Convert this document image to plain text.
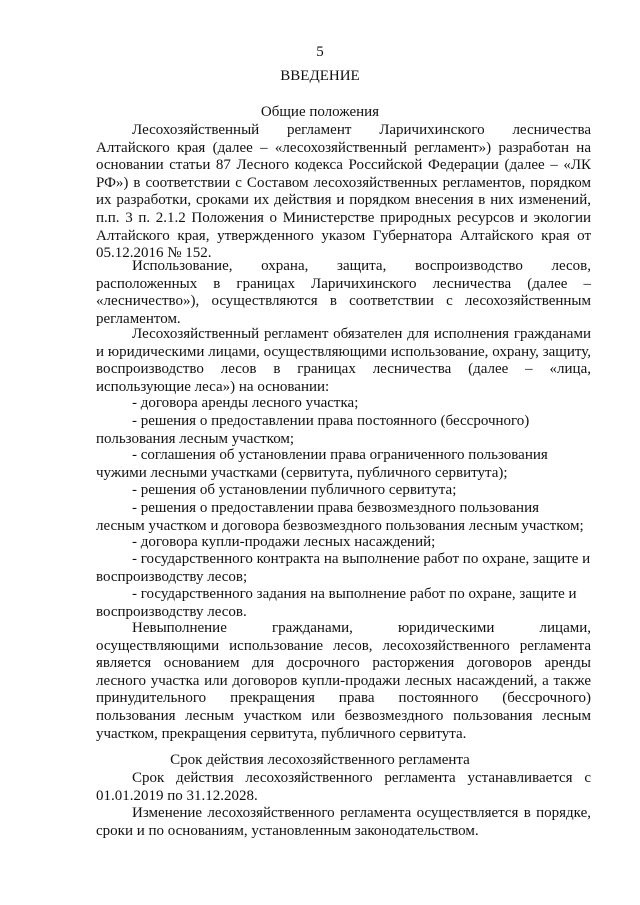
5
ВВЕДЕНИЕ
Общие положения

Лесохозяйственный регламент Ларичихинского лесничества Алтайского края (далее – «лесохозяйственный регламент») разработан на основании статьи 87 Лесного кодекса Российской Федерации (далее – «ЛК РФ») в соответствии с Составом лесохозяйственных регламентов, порядком их разработки, сроками их действия и порядком внесения в них изменений, п.п. 3 п. 2.1.2 Положения о Министерстве природных ресурсов и экологии Алтайского края, утвержденного указом Губернатора Алтайского края от 05.12.2016 № 152.

Использование, охрана, защита, воспроизводство лесов, расположенных в границах Ларичихинского лесничества (далее – «лесничество»), осуществляются в соответствии с лесохозяйственным регламентом.

Лесохозяйственный регламент обязателен для исполнения гражданами и юридическими лицами, осуществляющими использование, охрану, защиту, воспроизводство лесов в границах лесничества (далее – «лица, использующие леса») на основании:

- договора аренды лесного участка;

- решения о предоставлении права постоянного (бессрочного) пользования лесным участком;

- соглашения об установлении права ограниченного пользования чужими лесными участками (сервитута, публичного сервитута);

- решения об установлении публичного сервитута;

- решения о предоставлении права безвозмездного пользования лесным участком и договора безвозмездного пользования лесным участком;

- договора купли-продажи лесных насаждений;

- государственного контракта на выполнение работ по охране, защите и воспроизводству лесов;

- государственного задания на выполнение работ по охране, защите и воспроизводству лесов.

Невыполнение гражданами, юридическими лицами, осуществляющими использование лесов, лесохозяйственного регламента является основанием для досрочного расторжения договоров аренды лесного участка или договоров купли-продажи лесных насаждений, а также принудительного прекращения права постоянного (бессрочного) пользования лесным участком или безвозмездного пользования лесным участком, прекращения сервитута, публичного сервитута.

Срок действия лесохозяйственного регламента

Срок действия лесохозяйственного регламента устанавливается с 01.01.2019 по 31.12.2028.

Изменение лесохозяйственного регламента осуществляется в порядке, сроки и по основаниям, установленным законодательством.
